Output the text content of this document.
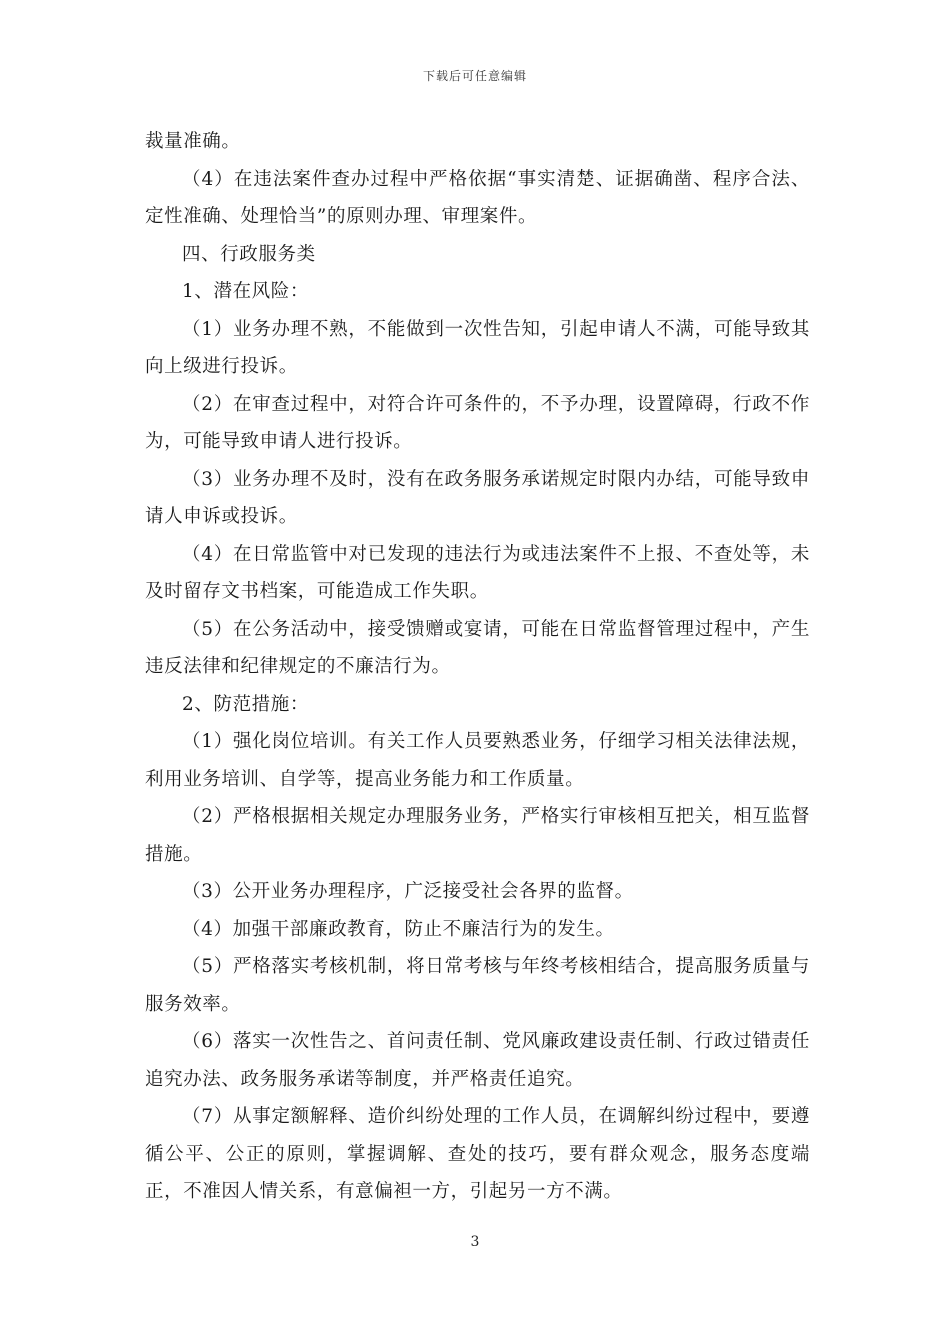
下载后可任意编辑

裁量准确。

（4）在违法案件查办过程中严格依据“事实清楚、证据确凿、程序合法、定性准确、处理恰当”的原则办理、审理案件。

四、行政服务类

1、潜在风险：

（1）业务办理不熟，不能做到一次性告知，引起申请人不满，可能导致其向上级进行投诉。

（2）在审查过程中，对符合许可条件的，不予办理，设置障碍，行政不作为，可能导致申请人进行投诉。

（3）业务办理不及时，没有在政务服务承诺规定时限内办结，可能导致申请人申诉或投诉。

（4）在日常监管中对已发现的违法行为或违法案件不上报、不查处等，未及时留存文书档案，可能造成工作失职。

（5）在公务活动中，接受馈赠或宴请，可能在日常监督管理过程中，产生违反法律和纪律规定的不廉洁行为。

2、防范措施：

（1）强化岗位培训。有关工作人员要熟悉业务，仔细学习相关法律法规，利用业务培训、自学等，提高业务能力和工作质量。

（2）严格根据相关规定办理服务业务，严格实行审核相互把关，相互监督措施。

（3）公开业务办理程序，广泛接受社会各界的监督。

（4）加强干部廉政教育，防止不廉洁行为的发生。

（5）严格落实考核机制，将日常考核与年终考核相结合，提高服务质量与服务效率。

（6）落实一次性告之、首问责任制、党风廉政建设责任制、行政过错责任追究办法、政务服务承诺等制度，并严格责任追究。

（7）从事定额解释、造价纠纷处理的工作人员，在调解纠纷过程中，要遵循公平、公正的原则，掌握调解、查处的技巧，要有群众观念，服务态度端正，不准因人情关系，有意偏袒一方，引起另一方不满。

3
